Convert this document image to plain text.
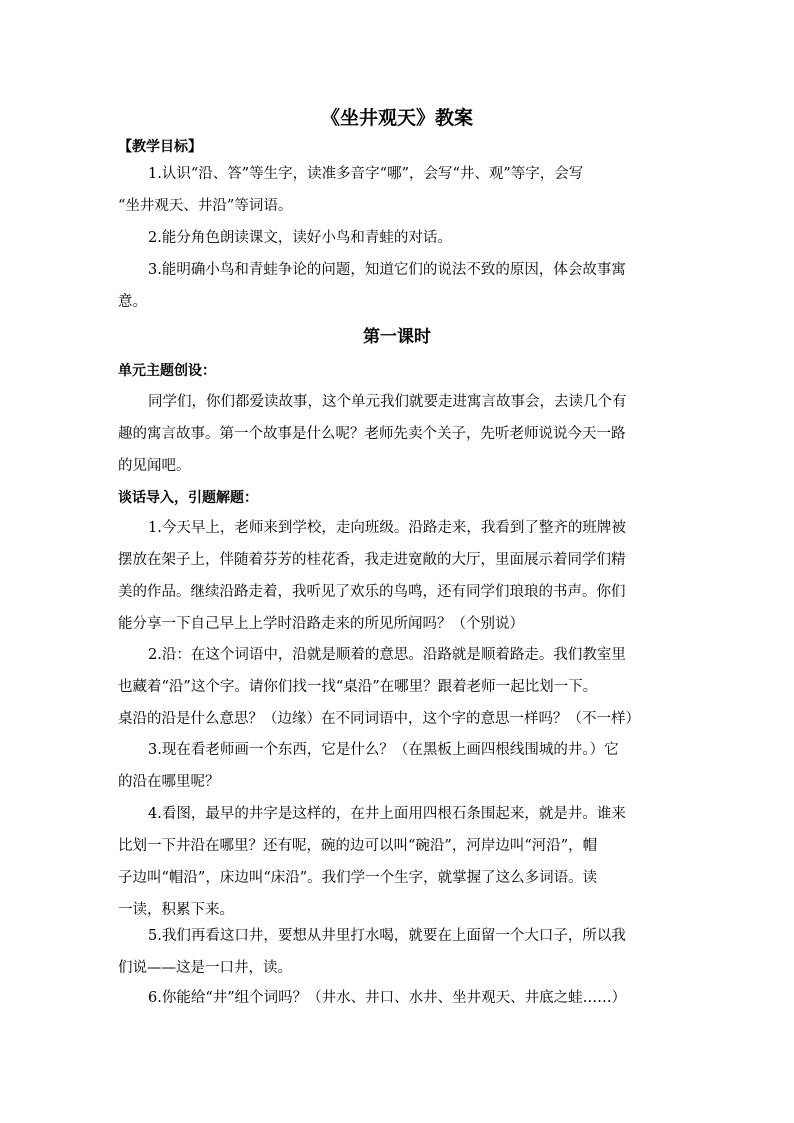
《坐井观天》教案

【教学目标】

1.认识“沿、答”等生字，读准多音字“哪”，会写“井、观”等字，会写
“坐井观天、井沿”等词语。
2.能分角色朗读课文，读好小鸟和青蛙的对话。
3.能明确小鸟和青蛙争论的问题，知道它们的说法不致的原因，体会故事寓
意。
第一课时

单元主题创设：

同学们，你们都爱读故事，这个单元我们就要走进寓言故事会，去读几个有
趣的寓言故事。第一个故事是什么呢？老师先卖个关子，先听老师说说今天一路
的见闻吧。

谈话导入，引题解题：

1.今天早上，老师来到学校，走向班级。沿路走来，我看到了整齐的班牌被
摆放在架子上，伴随着芬芳的桂花香，我走进宽敞的大厅，里面展示着同学们精
美的作品。继续沿路走着，我听见了欢乐的鸟鸣，还有同学们琅琅的书声。你们
能分享一下自己早上上学时沿路走来的所见所闻吗？（个别说）
2.沿：在这个词语中，沿就是顺着的意思。沿路就是顺着路走。我们教室里
也藏着“沿”这个字。请你们找一找“桌沿”在哪里？跟着老师一起比划一下。
桌沿的沿是什么意思？（边缘）在不同词语中，这个字的意思一样吗？（不一样）
3.现在看老师画一个东西，它是什么？（在黑板上画四根线围城的井。）它
的沿在哪里呢？
4.看图，最早的井字是这样的，在井上面用四根石条围起来，就是井。谁来
比划一下井沿在哪里？还有呢，碗的边可以叫“碗沿”，河岸边叫“河沿”，帽
子边叫“帽沿”，床边叫“床沿”。我们学一个生字，就掌握了这么多词语。读
一读，积累下来。
5.我们再看这口井，要想从井里打水喝，就要在上面留一个大口子，所以我
们说——这是一口井，读。
6.你能给“井”组个词吗？（井水、井口、水井、坐井观天、井底之蛙……）
